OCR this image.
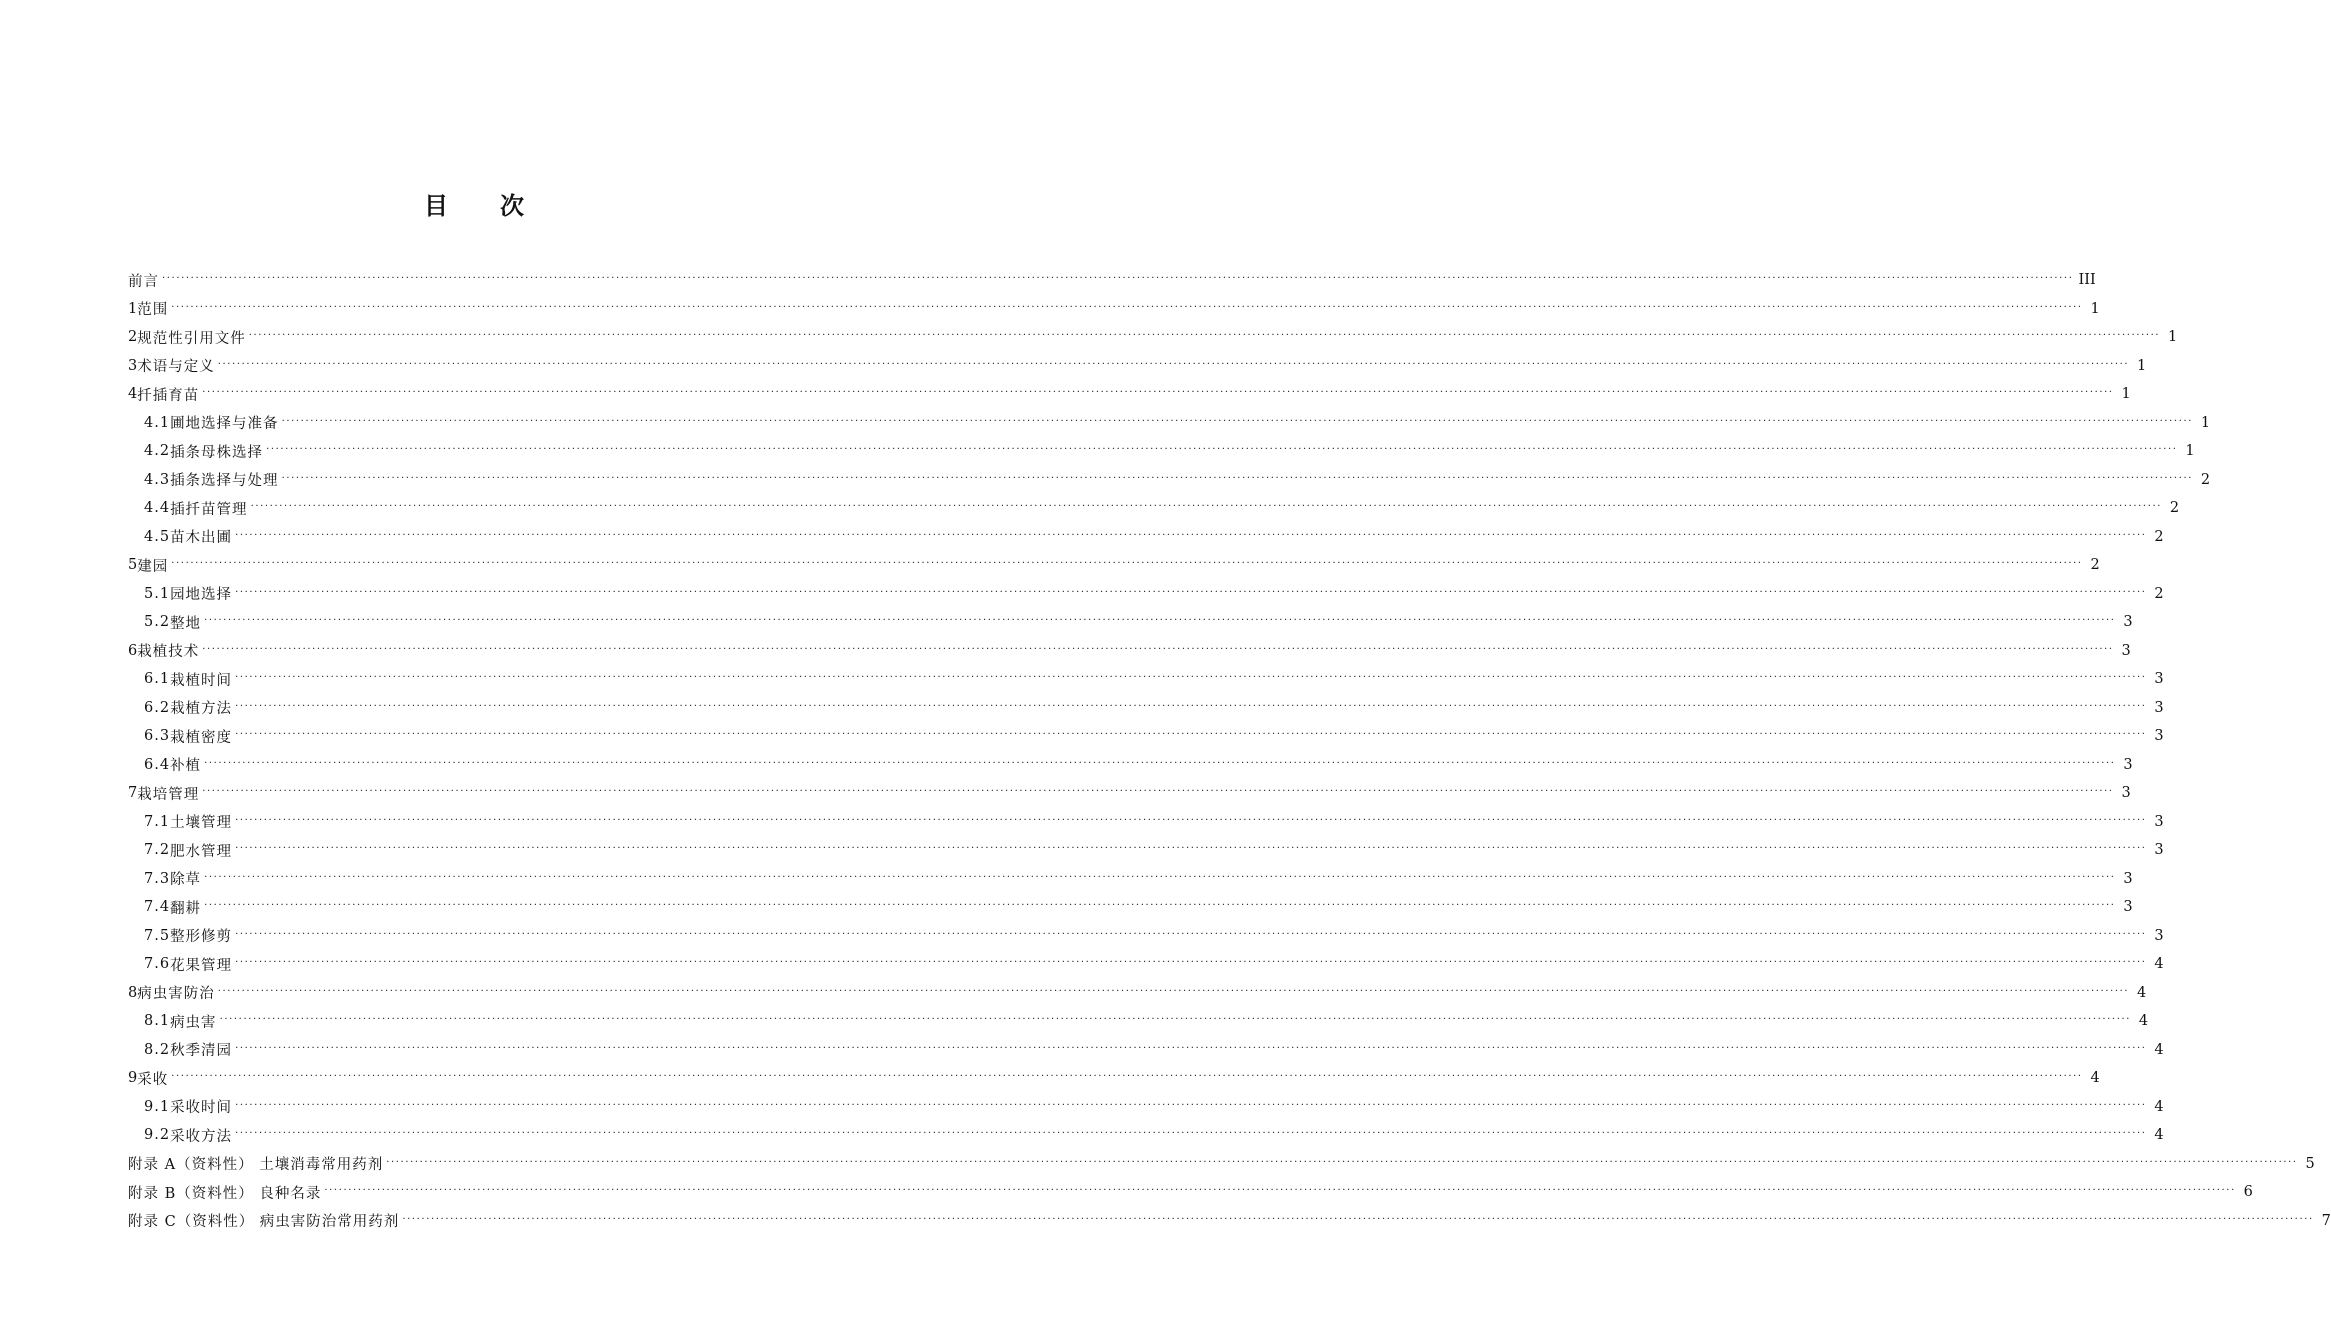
目 次
前言 ················································································································································································································································································································································································································ III
1 范围 ················································································································································································································································································································································································································ 1
2 规范性引用文件 ················································································································································································································································································································································································································ 1
3 术语与定义 ················································································································································································································································································································································································································ 1
4 扦插育苗 ················································································································································································································································································································································································································ 1
4.1 圃地选择与准备 ················································································································································································································································································································································································································ 1
4.2 插条母株选择 ················································································································································································································································································································································································································ 1
4.3 插条选择与处理 ················································································································································································································································································································································································································ 2
4.4 插扦苗管理 ················································································································································································································································································································································································································ 2
4.5 苗木出圃 ················································································································································································································································································································································································································ 2
5 建园 ················································································································································································································································································································································································································ 2
5.1 园地选择 ················································································································································································································································································································································································································ 2
5.2 整地 ················································································································································································································································································································································································································ 3
6 栽植技术 ················································································································································································································································································································································································································ 3
6.1 栽植时间 ················································································································································································································································································································································································································ 3
6.2 栽植方法 ················································································································································································································································································································································································································ 3
6.3 栽植密度 ················································································································································································································································································································································································································ 3
6.4 补植 ················································································································································································································································································································································································································ 3
7 栽培管理 ················································································································································································································································································································································································································ 3
7.1 土壤管理 ················································································································································································································································································································································································································ 3
7.2 肥水管理 ················································································································································································································································································································································································································ 3
7.3 除草 ················································································································································································································································································································································································································ 3
7.4 翻耕 ················································································································································································································································································································································································································ 3
7.5 整形修剪 ················································································································································································································································································································································································································ 3
7.6 花果管理 ················································································································································································································································································································································································································ 4
8 病虫害防治 ················································································································································································································································································································································································································ 4
8.1 病虫害 ················································································································································································································································································································································································································ 4
8.2 秋季清园 ················································································································································································································································································································································································································ 4
9 采收 ················································································································································································································································································································································································································ 4
9.1 采收时间 ················································································································································································································································································································································································································ 4
9.2 采收方法 ················································································································································································································································································································································································································ 4
附录 A（资料性） 土壤消毒常用药剂 ················································································································································································································································································································································································································ 5
附录 B（资料性） 良种名录 ················································································································································································································································································································································································································ 6
附录 C（资料性） 病虫害防治常用药剂 ················································································································································································································································································································································································································ 7
